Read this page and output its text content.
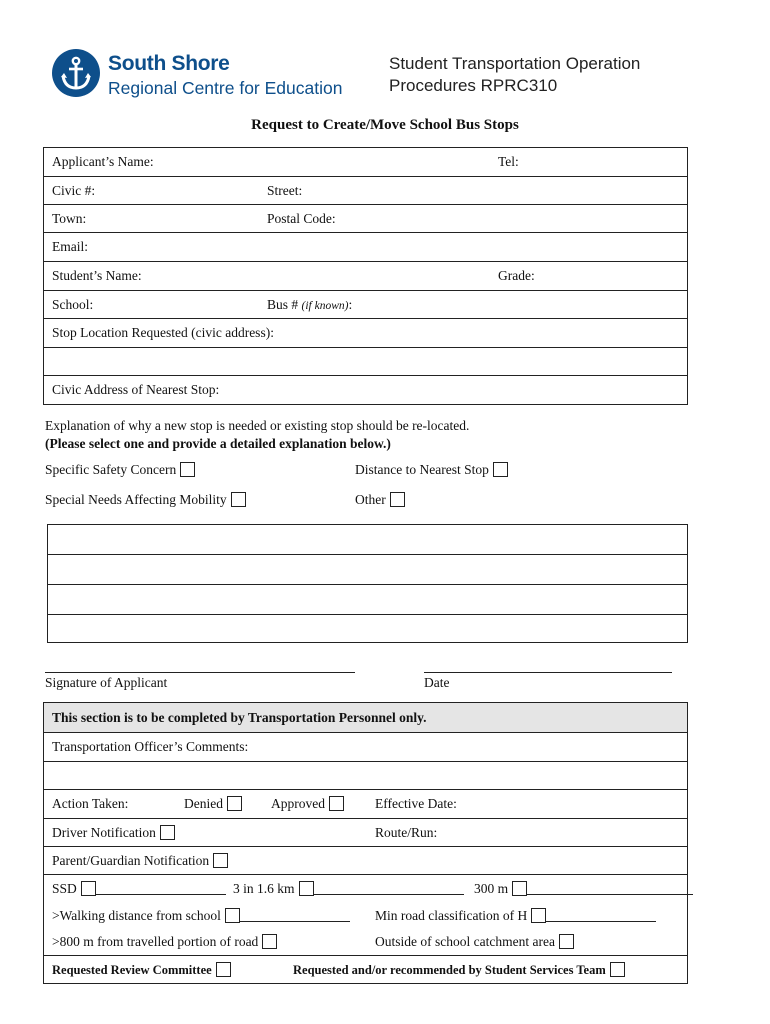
South Shore
Regional Centre for Education
Student Transportation Operation
Procedures RPRC310
Request to Create/Move School Bus Stops
Applicant’s Name:	Tel:
Civic #:	Street:
Town:	Postal Code:
Email:
Student’s Name:	Grade:
School:	Bus # (if known):
Stop Location Requested (civic address):
Civic Address of Nearest Stop:
Explanation of why a new stop is needed or existing stop should be re-located.
(Please select one and provide a detailed explanation below.)
Specific Safety Concern	Distance to Nearest Stop
Special Needs Affecting Mobility	Other
Signature of Applicant	Date
This section is to be completed by Transportation Personnel only.
Transportation Officer’s Comments:
Action Taken:	Denied	Approved	Effective Date:
Driver Notification	Route/Run:
Parent/Guardian Notification
SSD	3 in 1.6 km	300 m
>Walking distance from school	Min road classification of H
>800 m from travelled portion of road	Outside of school catchment area
Requested Review Committee	Requested and/or recommended by Student Services Team
